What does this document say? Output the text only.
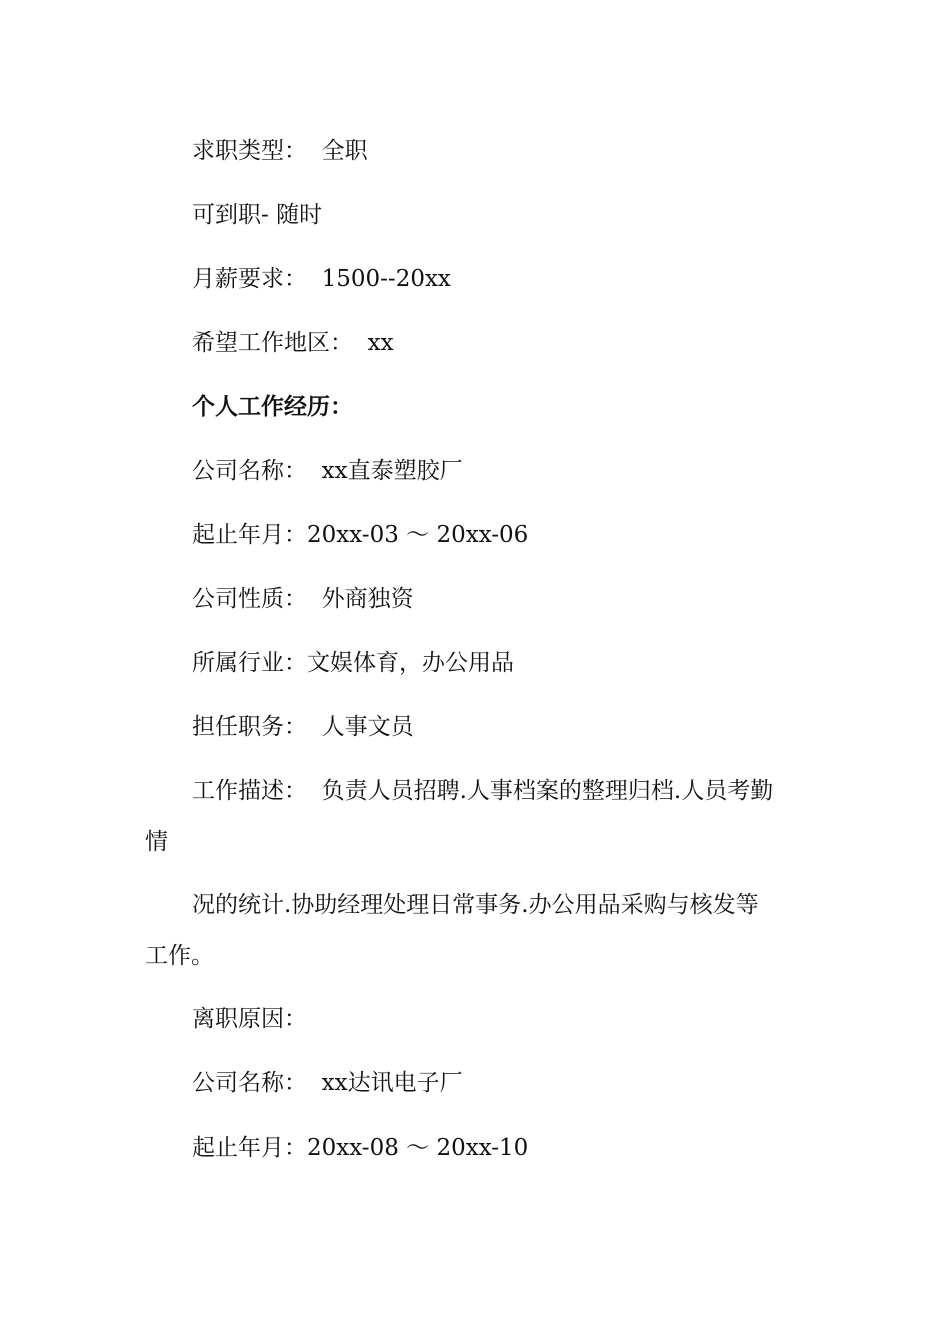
求职类型：  全职
可到职- 随时
月薪要求：  1500--20xx
希望工作地区：  xx
个人工作经历：
公司名称：  xx直泰塑胶厂
起止年月：20xx-03 ～ 20xx-06
公司性质：  外商独资
所属行业：文娱体育，办公用品
担任职务：  人事文员
工作描述：  负责人员招聘.人事档案的整理归档.人员考勤
情
况的统计.协助经理处理日常事务.办公用品采购与核发等
工作。
离职原因：
公司名称：  xx达讯电子厂
起止年月：20xx-08 ～ 20xx-10
